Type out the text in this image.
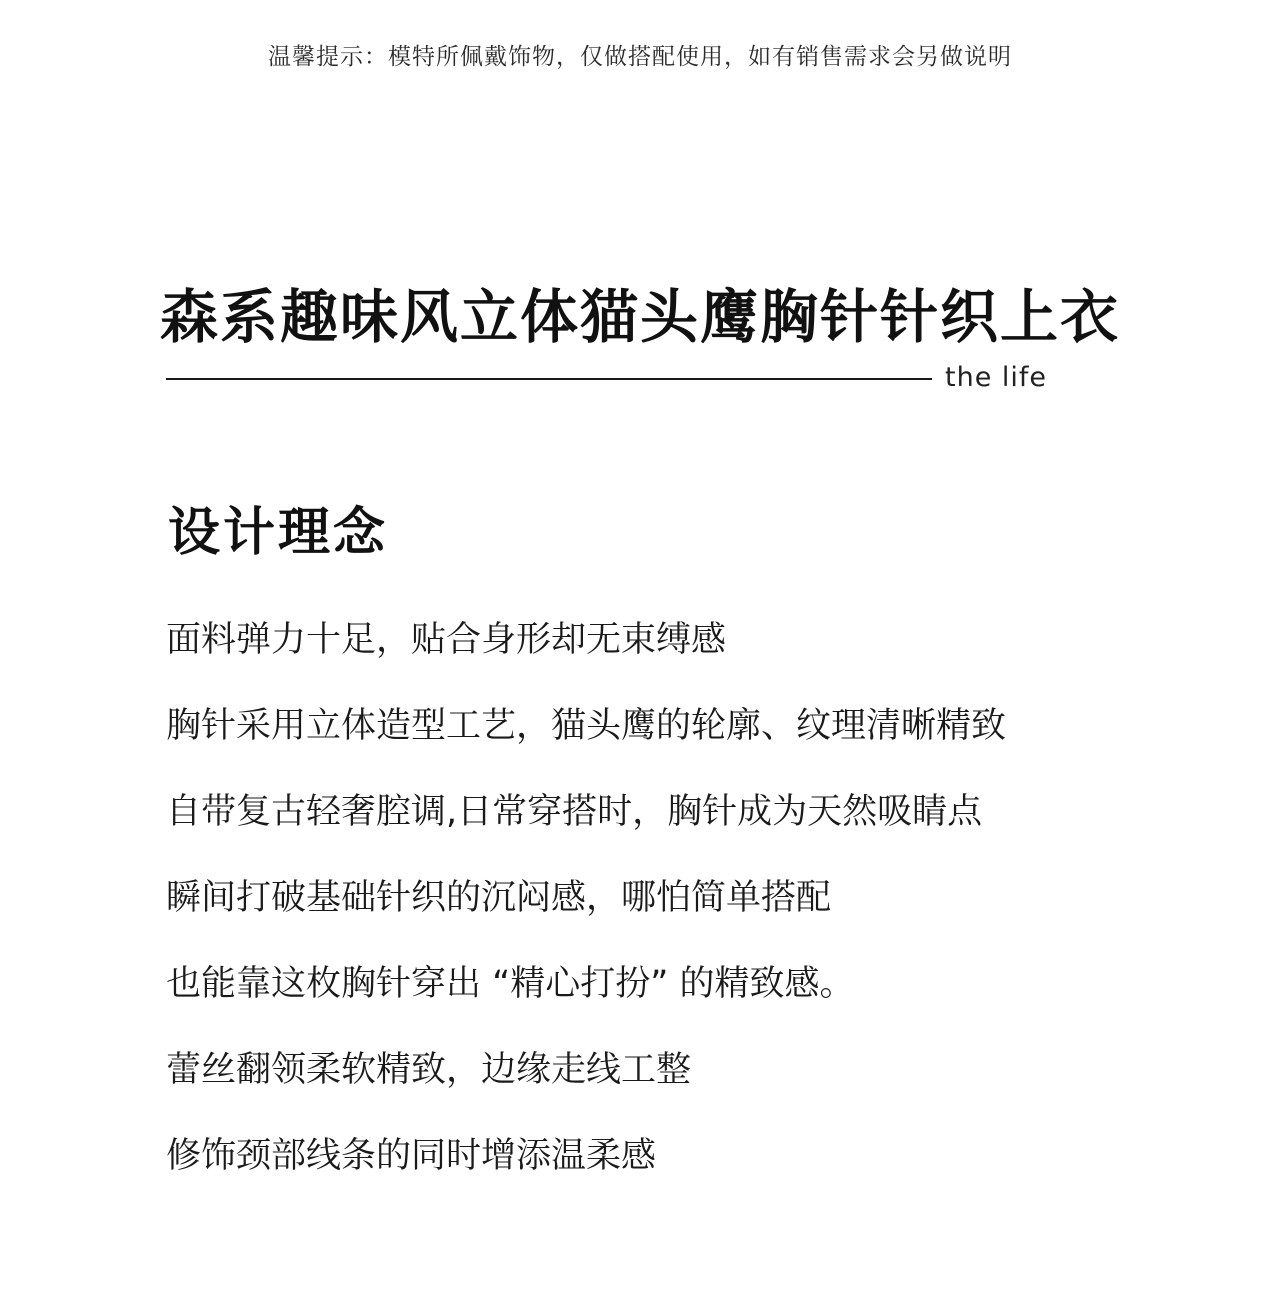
温馨提示：模特所佩戴饰物，仅做搭配使用，如有销售需求会另做说明
森系趣味风立体猫头鹰胸针针织上衣
the life
设计理念
面料弹力十足，贴合身形却无束缚感
胸针采用立体造型工艺，猫头鹰的轮廓、纹理清晰精致
自带复古轻奢腔调,日常穿搭时，胸针成为天然吸睛点
瞬间打破基础针织的沉闷感，哪怕简单搭配
也能靠这枚胸针穿出 “精心打扮” 的精致感。
蕾丝翻领柔软精致，边缘走线工整
修饰颈部线条的同时增添温柔感
